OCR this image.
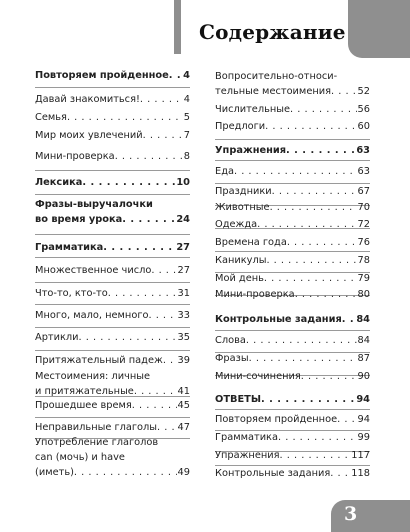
Содержание
Повторяем пройденное . . . 4
Давай знакомиться! . . .	4
Семья . . .	5
Мир моих увлечений . . .	7
Мини-проверка . . .	8
Лексика . . .	10
Фразы-выручалочки
во время урока . . .	24
Грамматика . . .	27
Множественное число . . .	27
Что-то, кто-то . . .	31
Много, мало, немного . . .	33
Артикли . . .	35
Притяжательный падеж . . . 39
Местоимения: личные
и притяжательные . . .	41
Прошедшее время . . .	45
Неправильные глаголы . . . 47
Употребление глаголов
can (мочь) и have
(иметь) . . .	49
Вопросительно-относи-
тельные местоимения . . .	52
Числительные . . .	56
Предлоги . . .	60
Упражнения . . .	63
Еда . . .	63
Праздники . . .	67
Животные . . .	70
Одежда . . .	72
Времена года . . .	76
Каникулы . . .	78
Мой день . . .	79
Мини-проверка . . .	80
Контрольные задания . . . 84
Слова . . .	84
Фразы . . .	87
Мини-сочинения . . .	90
ОТВЕТЫ . . .	94
Повторяем пройденное . . . 94
Грамматика . . .	99
Упражнения . . .	117
Контрольные задания . . . 118
3
